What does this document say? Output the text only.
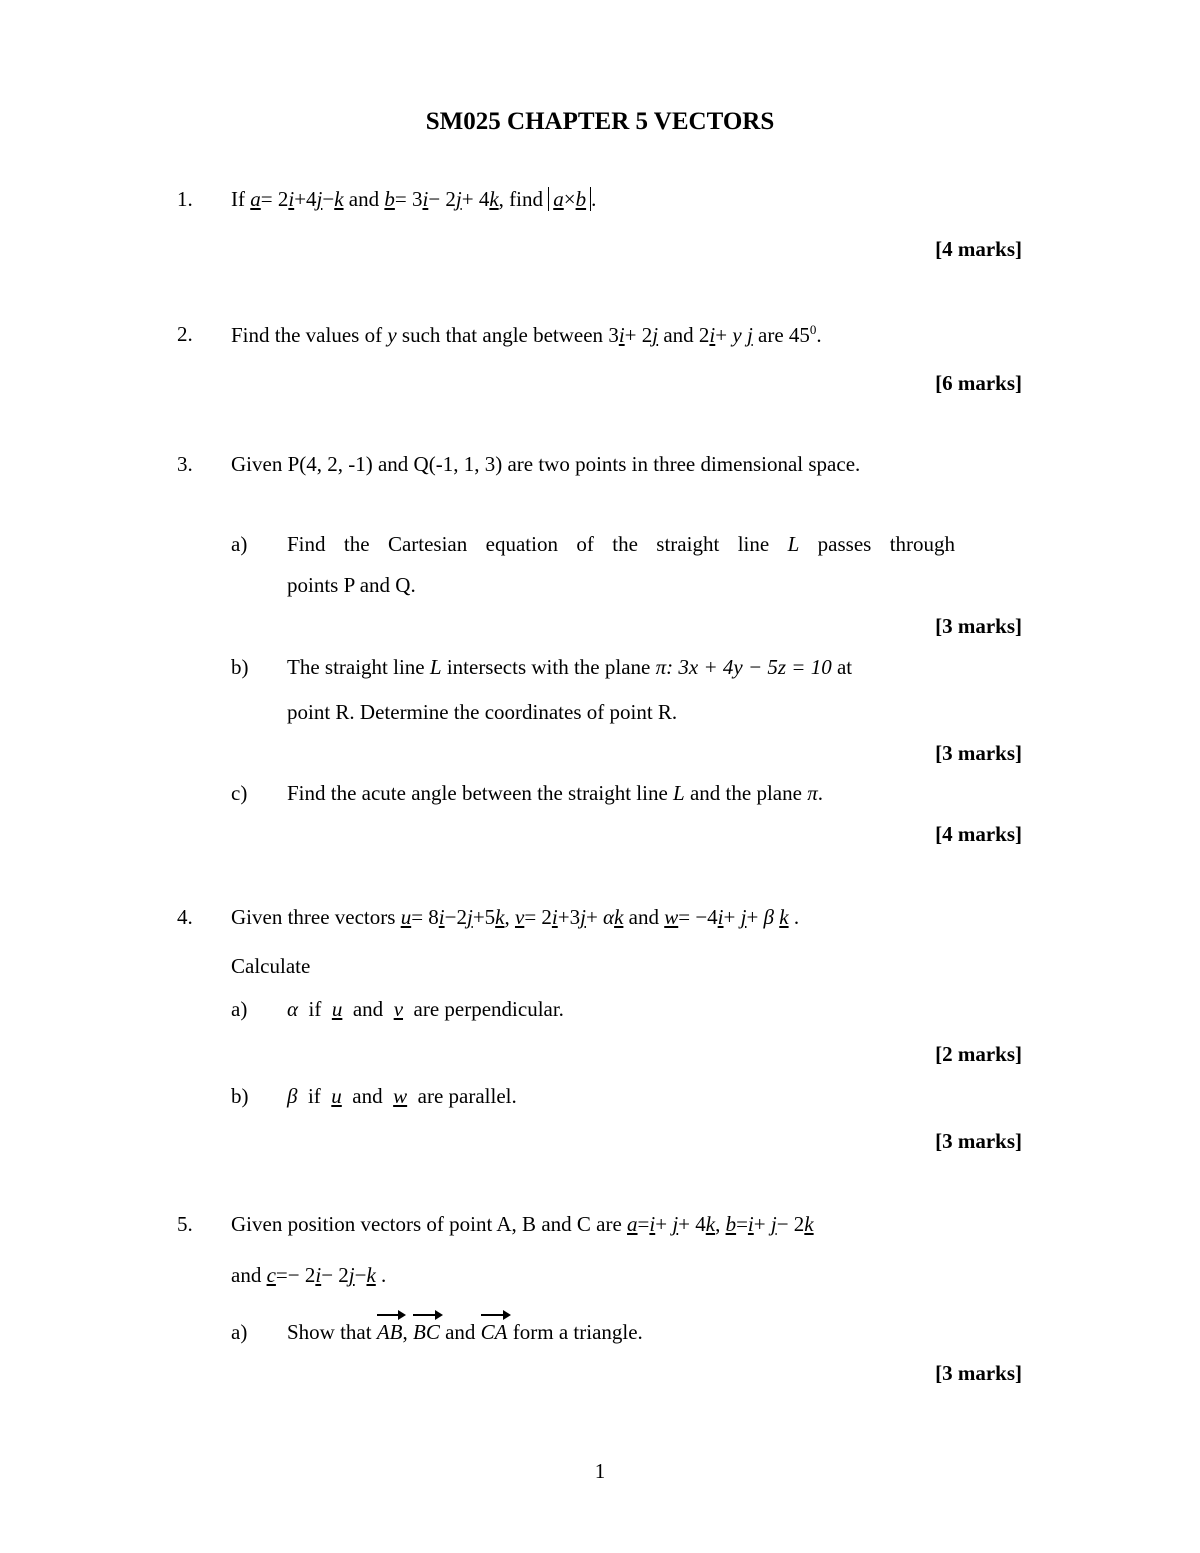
SM025 CHAPTER 5 VECTORS
1. If a= 2i+4j−k and b= 3i− 2j+ 4k, find a×b .
[4 marks]
2. Find the values of y such that angle between 3i+ 2j and 2i+ y j are $45^0$.
[6 marks]
3. Given P(4, 2, -1) and Q(-1, 1, 3) are two points in three dimensional space.
a) Find the Cartesian equation of the straight line L passes through
points P and Q.
[3 marks]
b) The straight line L intersects with the plane π: 3x + 4y − 5z = 10 at
point R. Determine the coordinates of point R.
[3 marks]
c) Find the acute angle between the straight line L and the plane π.
[4 marks]
4. Given three vectors u= 8i−2j+5k, v= 2i+3j+ αk and w= −4i+ j+ β k .
Calculate
a) α if u and v are perpendicular.
[2 marks]
b) β if u and w are parallel.
[3 marks]
5. Given position vectors of point A, B and C are a=i+ j+ 4k, b=i+ j− 2k
and c=− 2i− 2j−k .
a) Show that AB, BC and CA form a triangle.
[3 marks]
1
